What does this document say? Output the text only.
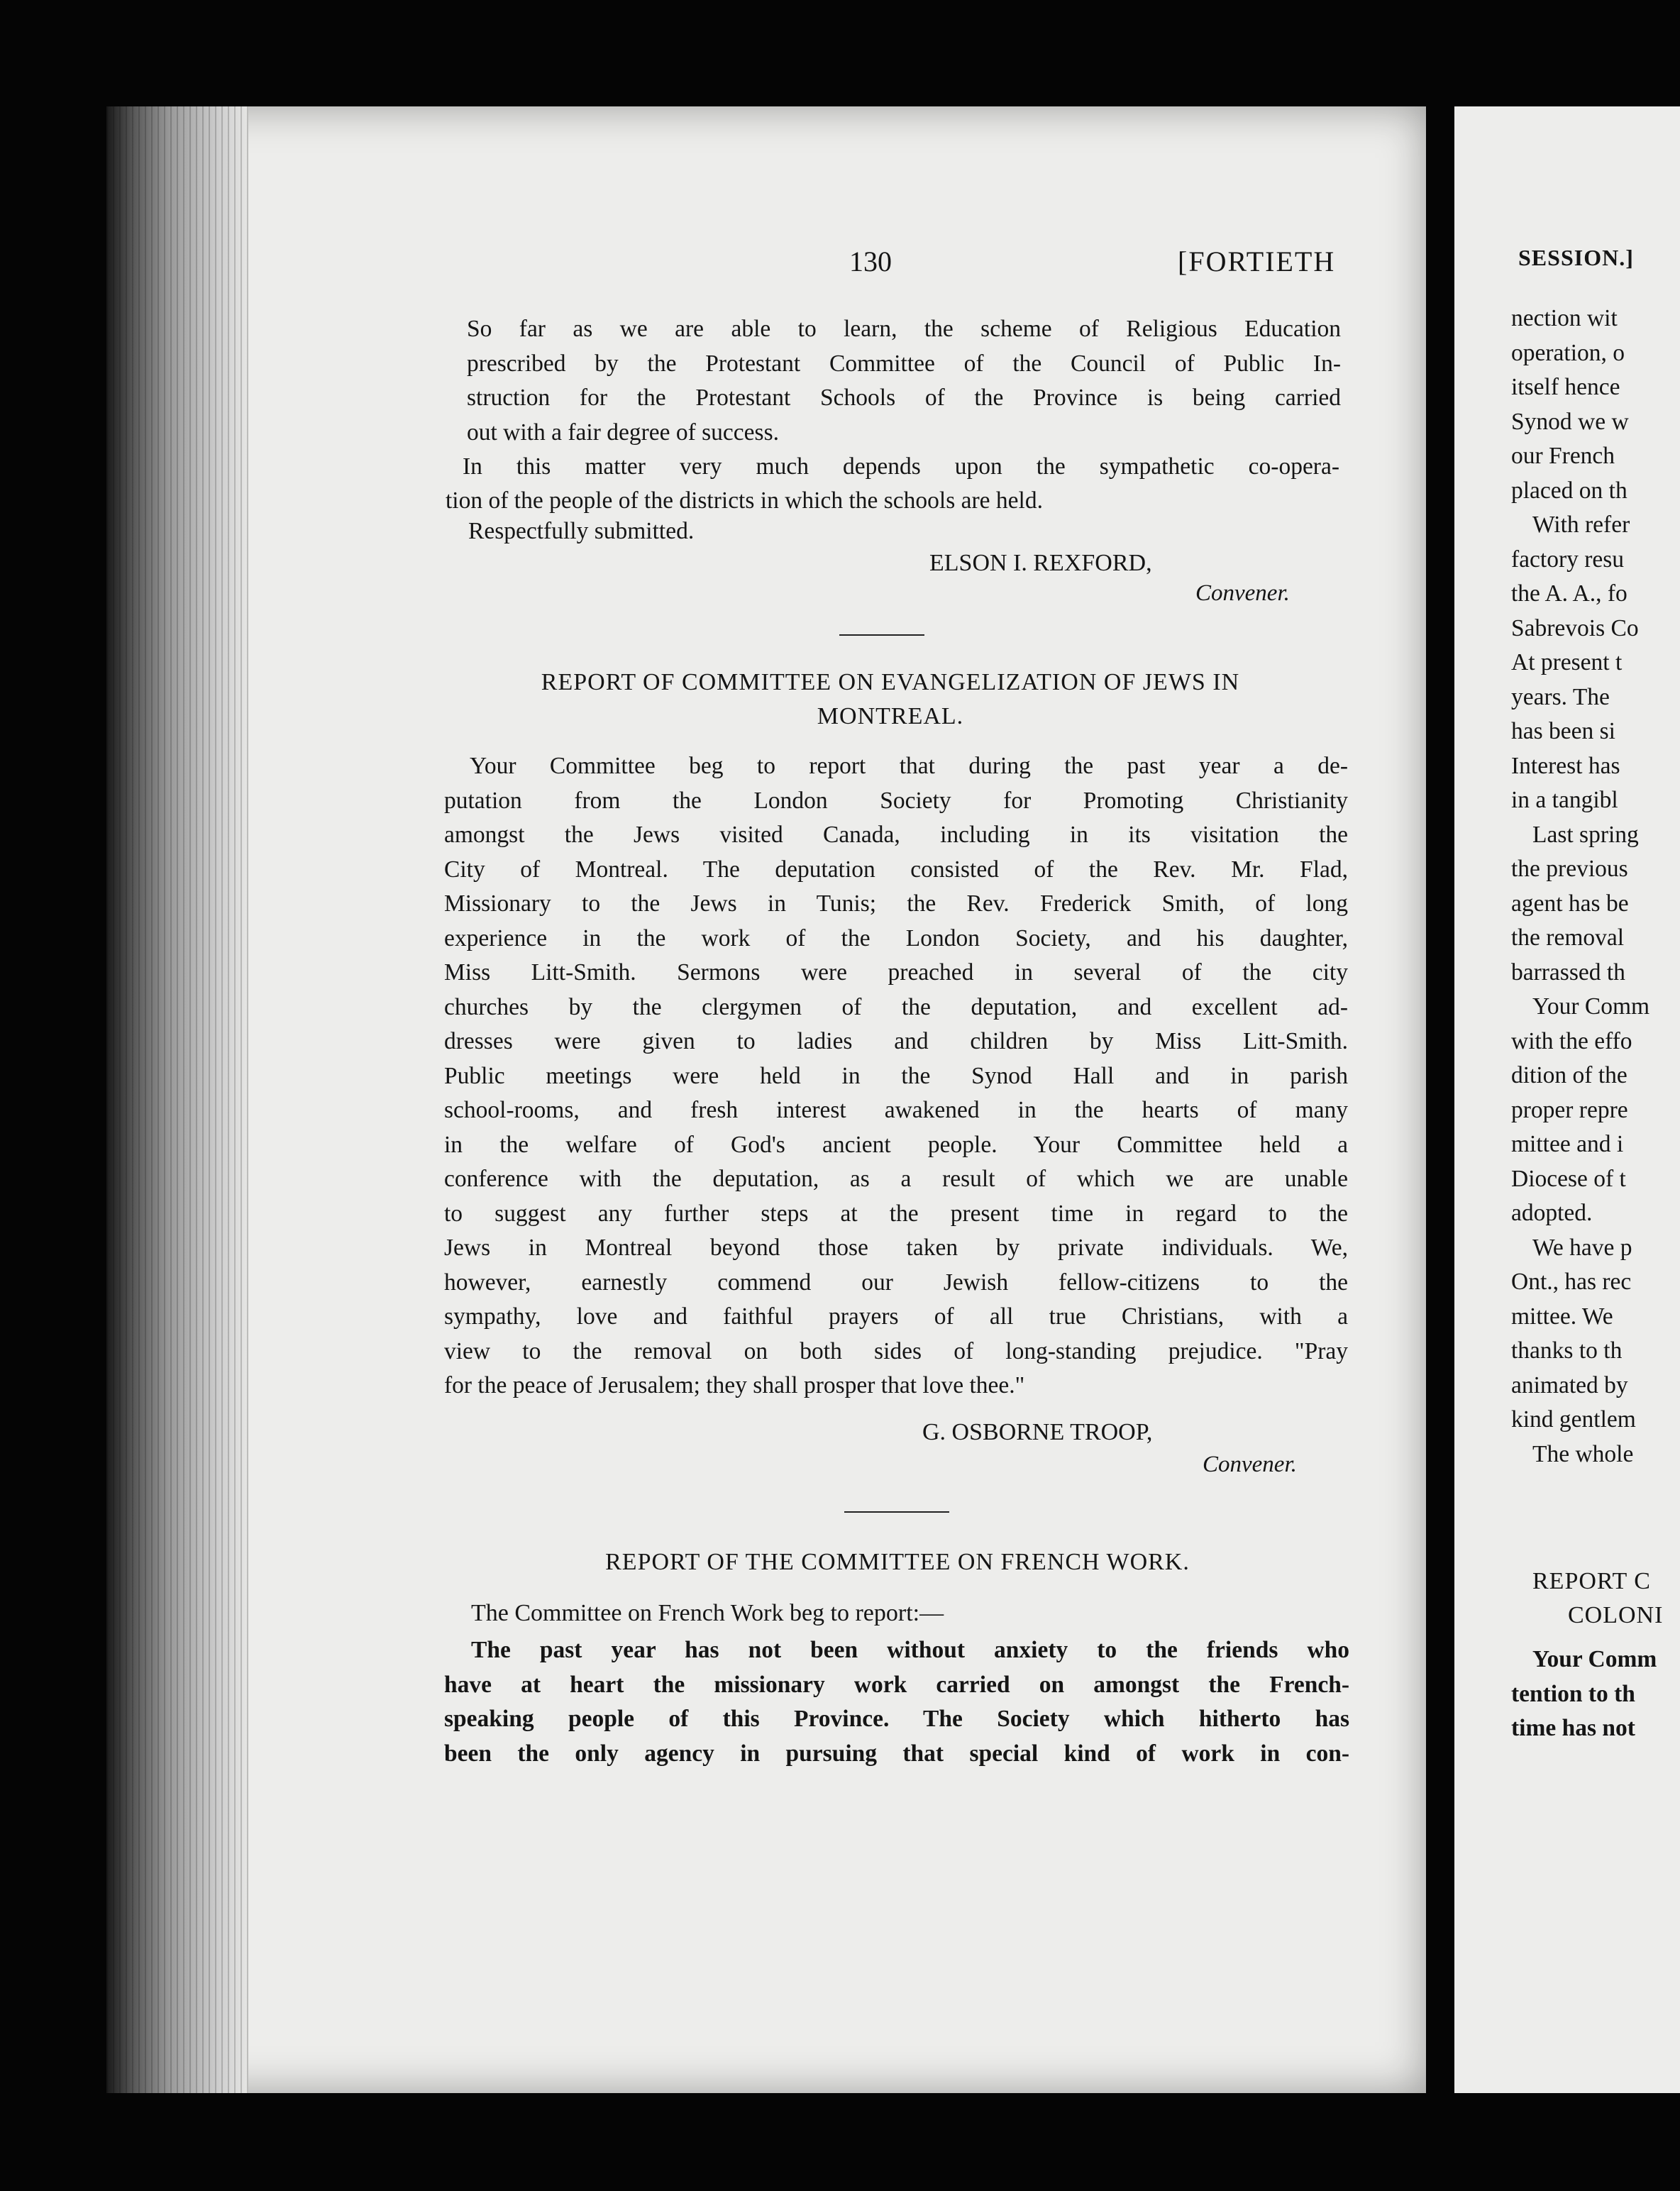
130	[FORTIETH
So far as we are able to learn, the scheme of Religious Education
prescribed by the Protestant Committee of the Council of Public In-
struction for the Protestant Schools of the Province is being carried
out with a fair degree of success.
In this matter very much depends upon the sympathetic co-opera-
tion of the people of the districts in which the schools are held.
Respectfully submitted.
ELSON I. REXFORD,
Convener.
REPORT OF COMMITTEE ON EVANGELIZATION OF JEWS IN
MONTREAL.
Your Committee beg to report that during the past year a de-
putation from the London Society for Promoting Christianity
amongst the Jews visited Canada, including in its visitation the
City of Montreal. The deputation consisted of the Rev. Mr. Flad,
Missionary to the Jews in Tunis; the Rev. Frederick Smith, of long
experience in the work of the London Society, and his daughter,
Miss Litt-Smith. Sermons were preached in several of the city
churches by the clergymen of the deputation, and excellent ad-
dresses were given to ladies and children by Miss Litt-Smith.
Public meetings were held in the Synod Hall and in parish
school-rooms, and fresh interest awakened in the hearts of many
in the welfare of God's ancient people. Your Committee held a
conference with the deputation, as a result of which we are unable
to suggest any further steps at the present time in regard to the
Jews in Montreal beyond those taken by private individuals. We,
however, earnestly commend our Jewish fellow-citizens to the
sympathy, love and faithful prayers of all true Christians, with a
view to the removal on both sides of long-standing prejudice. "Pray
for the peace of Jerusalem; they shall prosper that love thee."
G. OSBORNE TROOP,
Convener.
REPORT OF THE COMMITTEE ON FRENCH WORK.
The Committee on French Work beg to report:—
The past year has not been without anxiety to the friends who
have at heart the missionary work carried on amongst the French-
speaking people of this Province. The Society which hitherto has
been the only agency in pursuing that special kind of work in con-
SESSION.]
nection wit
operation, o
itself hence
Synod we w
our French
placed on th
With refer
factory resu
the A. A., fo
Sabrevois Co
At present t
years. The
has been si
Interest has
in a tangibl
Last spring
the previous
agent has be
the removal
barrassed th
Your Comm
with the effo
dition of the
proper repre
mittee and i
Diocese of t
adopted.
We have p
Ont., has rec
mittee. We
thanks to th
animated by
kind gentlem
The whole
REPORT C
COLONI
Your Comm
tention to th
time has not
